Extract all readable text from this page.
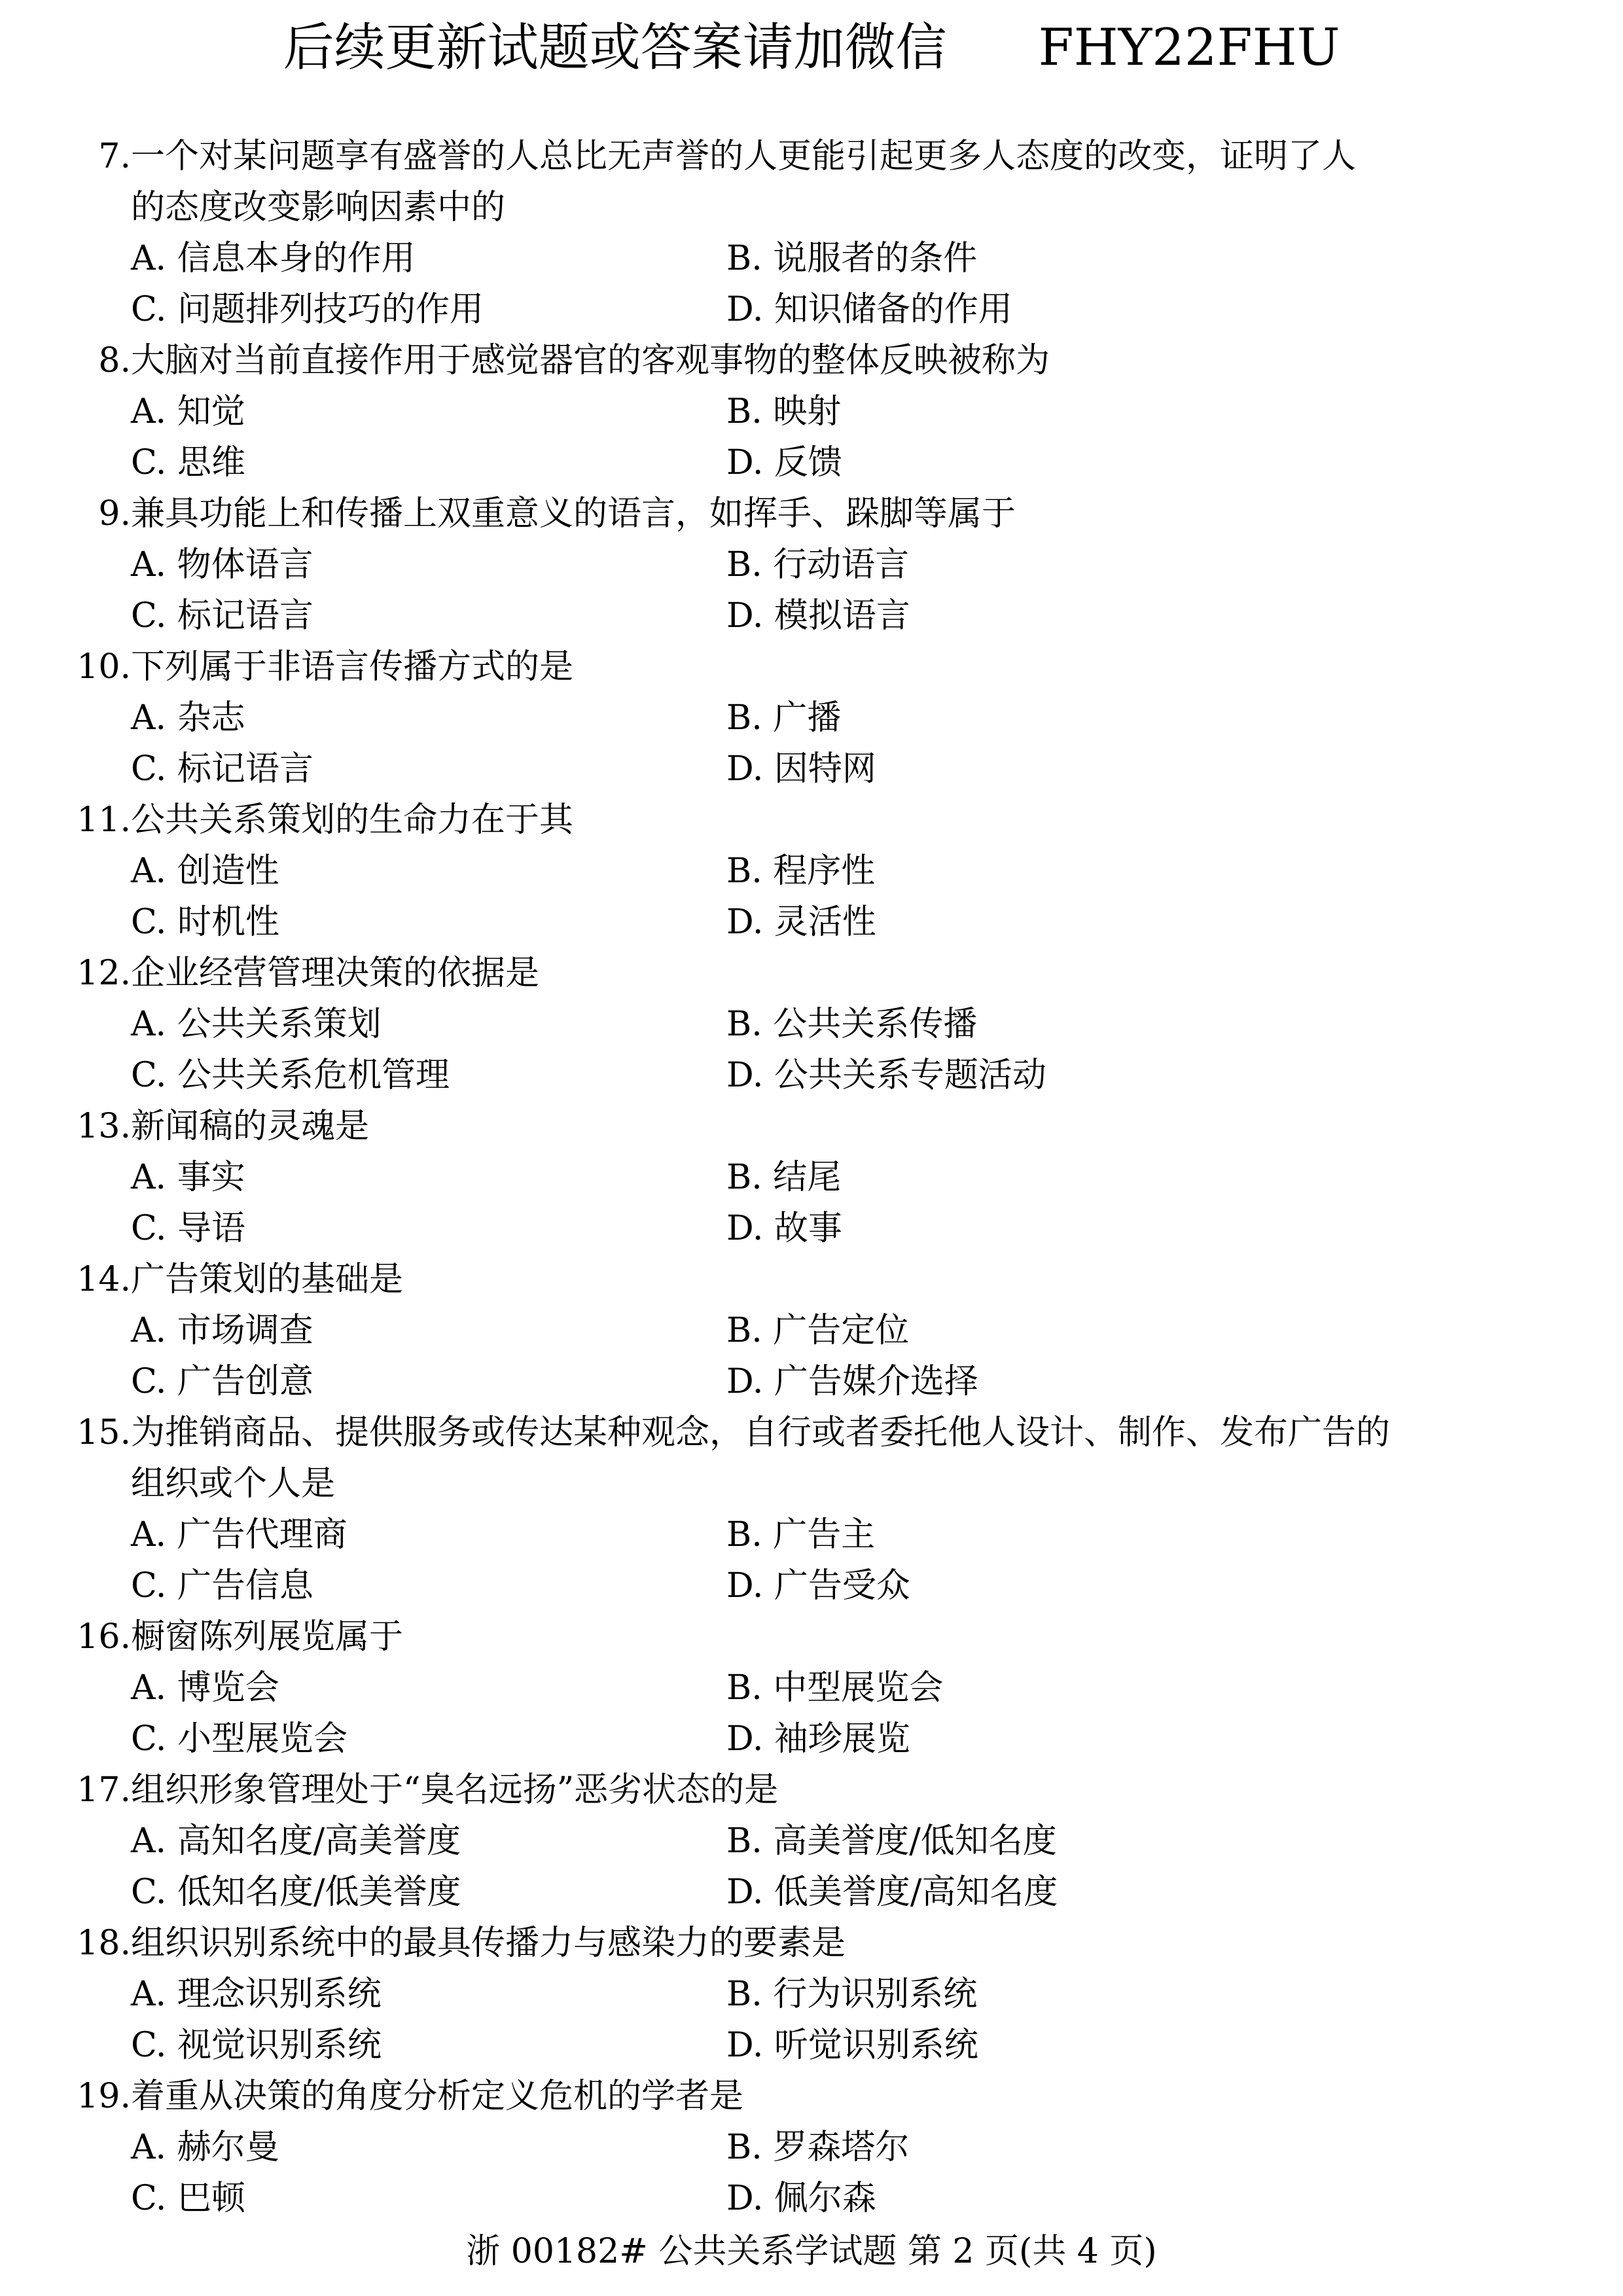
后续更新试题或答案请加微信 FHY22FHU
7. 一个对某问题享有盛誉的人总比无声誉的人更能引起更多人态度的改变，证明了人
的态度改变影响因素中的
A. 信息本身的作用	B. 说服者的条件
C. 问题排列技巧的作用	D. 知识储备的作用
8. 大脑对当前直接作用于感觉器官的客观事物的整体反映被称为
A. 知觉	B. 映射
C. 思维	D. 反馈
9. 兼具功能上和传播上双重意义的语言，如挥手、跺脚等属于
A. 物体语言	B. 行动语言
C. 标记语言	D. 模拟语言
10. 下列属于非语言传播方式的是
A. 杂志	B. 广播
C. 标记语言	D. 因特网
11. 公共关系策划的生命力在于其
A. 创造性	B. 程序性
C. 时机性	D. 灵活性
12. 企业经营管理决策的依据是
A. 公共关系策划	B. 公共关系传播
C. 公共关系危机管理	D. 公共关系专题活动
13. 新闻稿的灵魂是
A. 事实	B. 结尾
C. 导语	D. 故事
14. 广告策划的基础是
A. 市场调查	B. 广告定位
C. 广告创意	D. 广告媒介选择
15. 为推销商品、提供服务或传达某种观念，自行或者委托他人设计、制作、发布广告的
组织或个人是
A. 广告代理商	B. 广告主
C. 广告信息	D. 广告受众
16. 橱窗陈列展览属于
A. 博览会	B. 中型展览会
C. 小型展览会	D. 袖珍展览
17. 组织形象管理处于“臭名远扬”恶劣状态的是
A. 高知名度/高美誉度	B. 高美誉度/低知名度
C. 低知名度/低美誉度	D. 低美誉度/高知名度
18. 组织识别系统中的最具传播力与感染力的要素是
A. 理念识别系统	B. 行为识别系统
C. 视觉识别系统	D. 听觉识别系统
19. 着重从决策的角度分析定义危机的学者是
A. 赫尔曼	B. 罗森塔尔
C. 巴顿	D. 佩尔森
浙 00182# 公共关系学试题 第 2 页(共 4 页)
